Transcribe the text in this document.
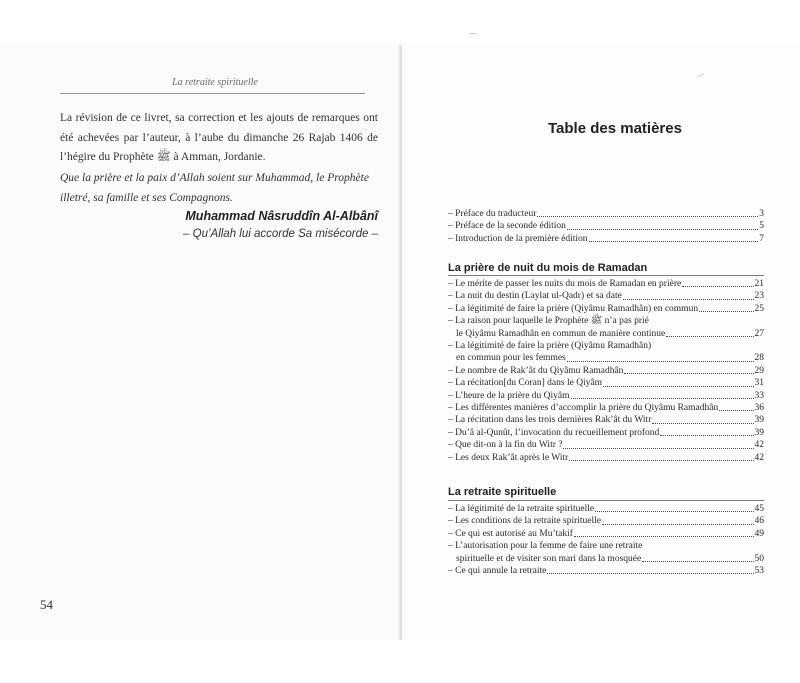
La retraite spirituelle

La révision de ce livret, sa correction et les ajouts de remarques ont été achevées par l’auteur, à l’aube du dimanche 26 Rajab 1406 de l’hégire du Prophète ﷺ à Amman, Jordanie.

Que la prière et la paix d’Allah soient sur Muhammad, le Prophète illetré, sa famille et ses Compagnons.

Muhammad Nâsruddîn Al-Albânî
– Qu’Allah lui accorde Sa misécorde –
54
Table des matières
– Préface du traducteur	3
– Préface de la seconde édition	5
– Introduction de la première édition	7
La prière de nuit du mois de Ramadan
– Le mérite de passer les nuits du mois de Ramadan en prière	21
– La nuit du destin (Laylat ul-Qadr) et sa date	23
– La légitimité de faire la prière (Qiyâmu Ramadhân) en commun	25
– La raison pour laquelle le Prophète ﷺ n’a pas prié
le Qiyâmu Ramadhân en commun de manière continue	27
– La légitimité de faire la prière (Qiyâmu Ramadhân)
en commun pour les femmes	28
– Le nombre de Rak’ât du Qiyâmu Ramadhân	29
– La récitation[du Coran] dans le Qiyâm	31
– L’heure de la prière du Qiyâm	33
– Les différentes manières d’accomplir la prière du Qiyâmu Ramadhân	36
– La récitation dans les trois dernières Rak’ât du Witr	39
– Du’â al-Qunût, l’invocation du recueillement profond	39
– Que dit-on à la fin du Witr ?	42
– Les deux Rak’ât après le Witr	42
La retraite spirituelle
– La légitimité de la retraite spirituelle	45
– Les conditions de la retraite spirituelle	46
– Ce qui est autorisé au Mu’takif	49
– L’autorisation pour la femme de faire une retraite
spirituelle et de visiter son mari dans la mosquée	50
– Ce qui annule la retraite	53
